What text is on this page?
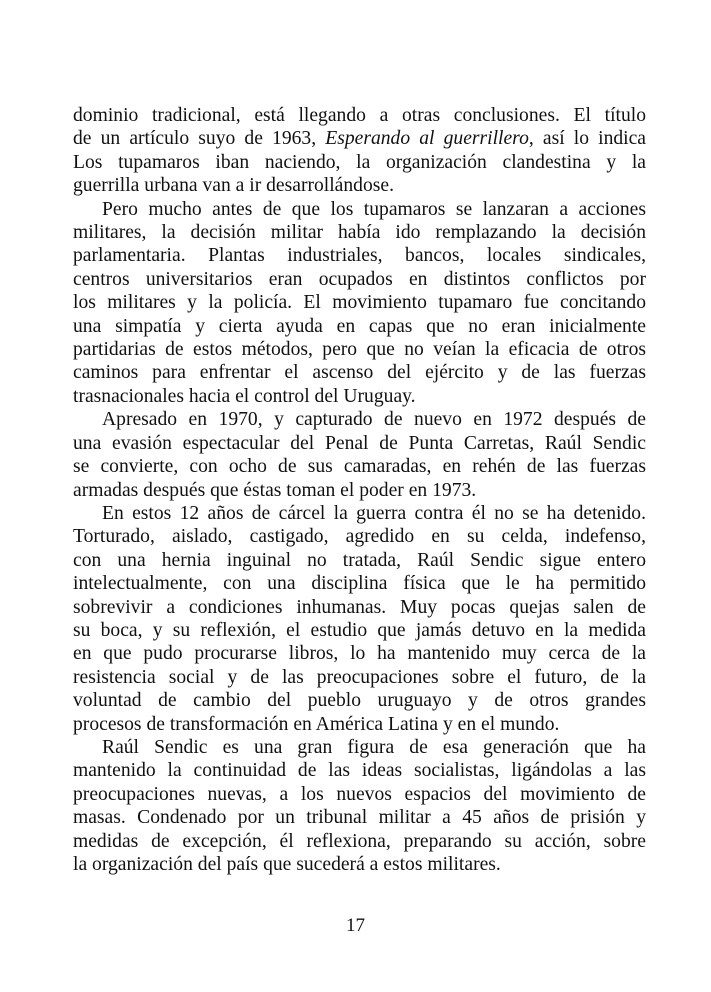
dominio tradicional, está llegando a otras conclusiones. El título
de un artículo suyo de 1963, Esperando al guerrillero, así lo indica
Los tupamaros iban naciendo, la organización clandestina y la
guerrilla urbana van a ir desarrollándose.
Pero mucho antes de que los tupamaros se lanzaran a acciones
militares, la decisión militar había ido remplazando la decisión
parlamentaria. Plantas industriales, bancos, locales sindicales,
centros universitarios eran ocupados en distintos conflictos por
los militares y la policía. El movimiento tupamaro fue concitando
una simpatía y cierta ayuda en capas que no eran inicialmente
partidarias de estos métodos, pero que no veían la eficacia de otros
caminos para enfrentar el ascenso del ejército y de las fuerzas
trasnacionales hacia el control del Uruguay.
Apresado en 1970, y capturado de nuevo en 1972 después de
una evasión espectacular del Penal de Punta Carretas, Raúl Sendic
se convierte, con ocho de sus camaradas, en rehén de las fuerzas
armadas después que éstas toman el poder en 1973.
En estos 12 años de cárcel la guerra contra él no se ha detenido.
Torturado, aislado, castigado, agredido en su celda, indefenso,
con una hernia inguinal no tratada, Raúl Sendic sigue entero
intelectualmente, con una disciplina física que le ha permitido
sobrevivir a condiciones inhumanas. Muy pocas quejas salen de
su boca, y su reflexión, el estudio que jamás detuvo en la medida
en que pudo procurarse libros, lo ha mantenido muy cerca de la
resistencia social y de las preocupaciones sobre el futuro, de la
voluntad de cambio del pueblo uruguayo y de otros grandes
procesos de transformación en América Latina y en el mundo.
Raúl Sendic es una gran figura de esa generación que ha
mantenido la continuidad de las ideas socialistas, ligándolas a las
preocupaciones nuevas, a los nuevos espacios del movimiento de
masas. Condenado por un tribunal militar a 45 años de prisión y
medidas de excepción, él reflexiona, preparando su acción, sobre
la organización del país que sucederá a estos militares.
17
